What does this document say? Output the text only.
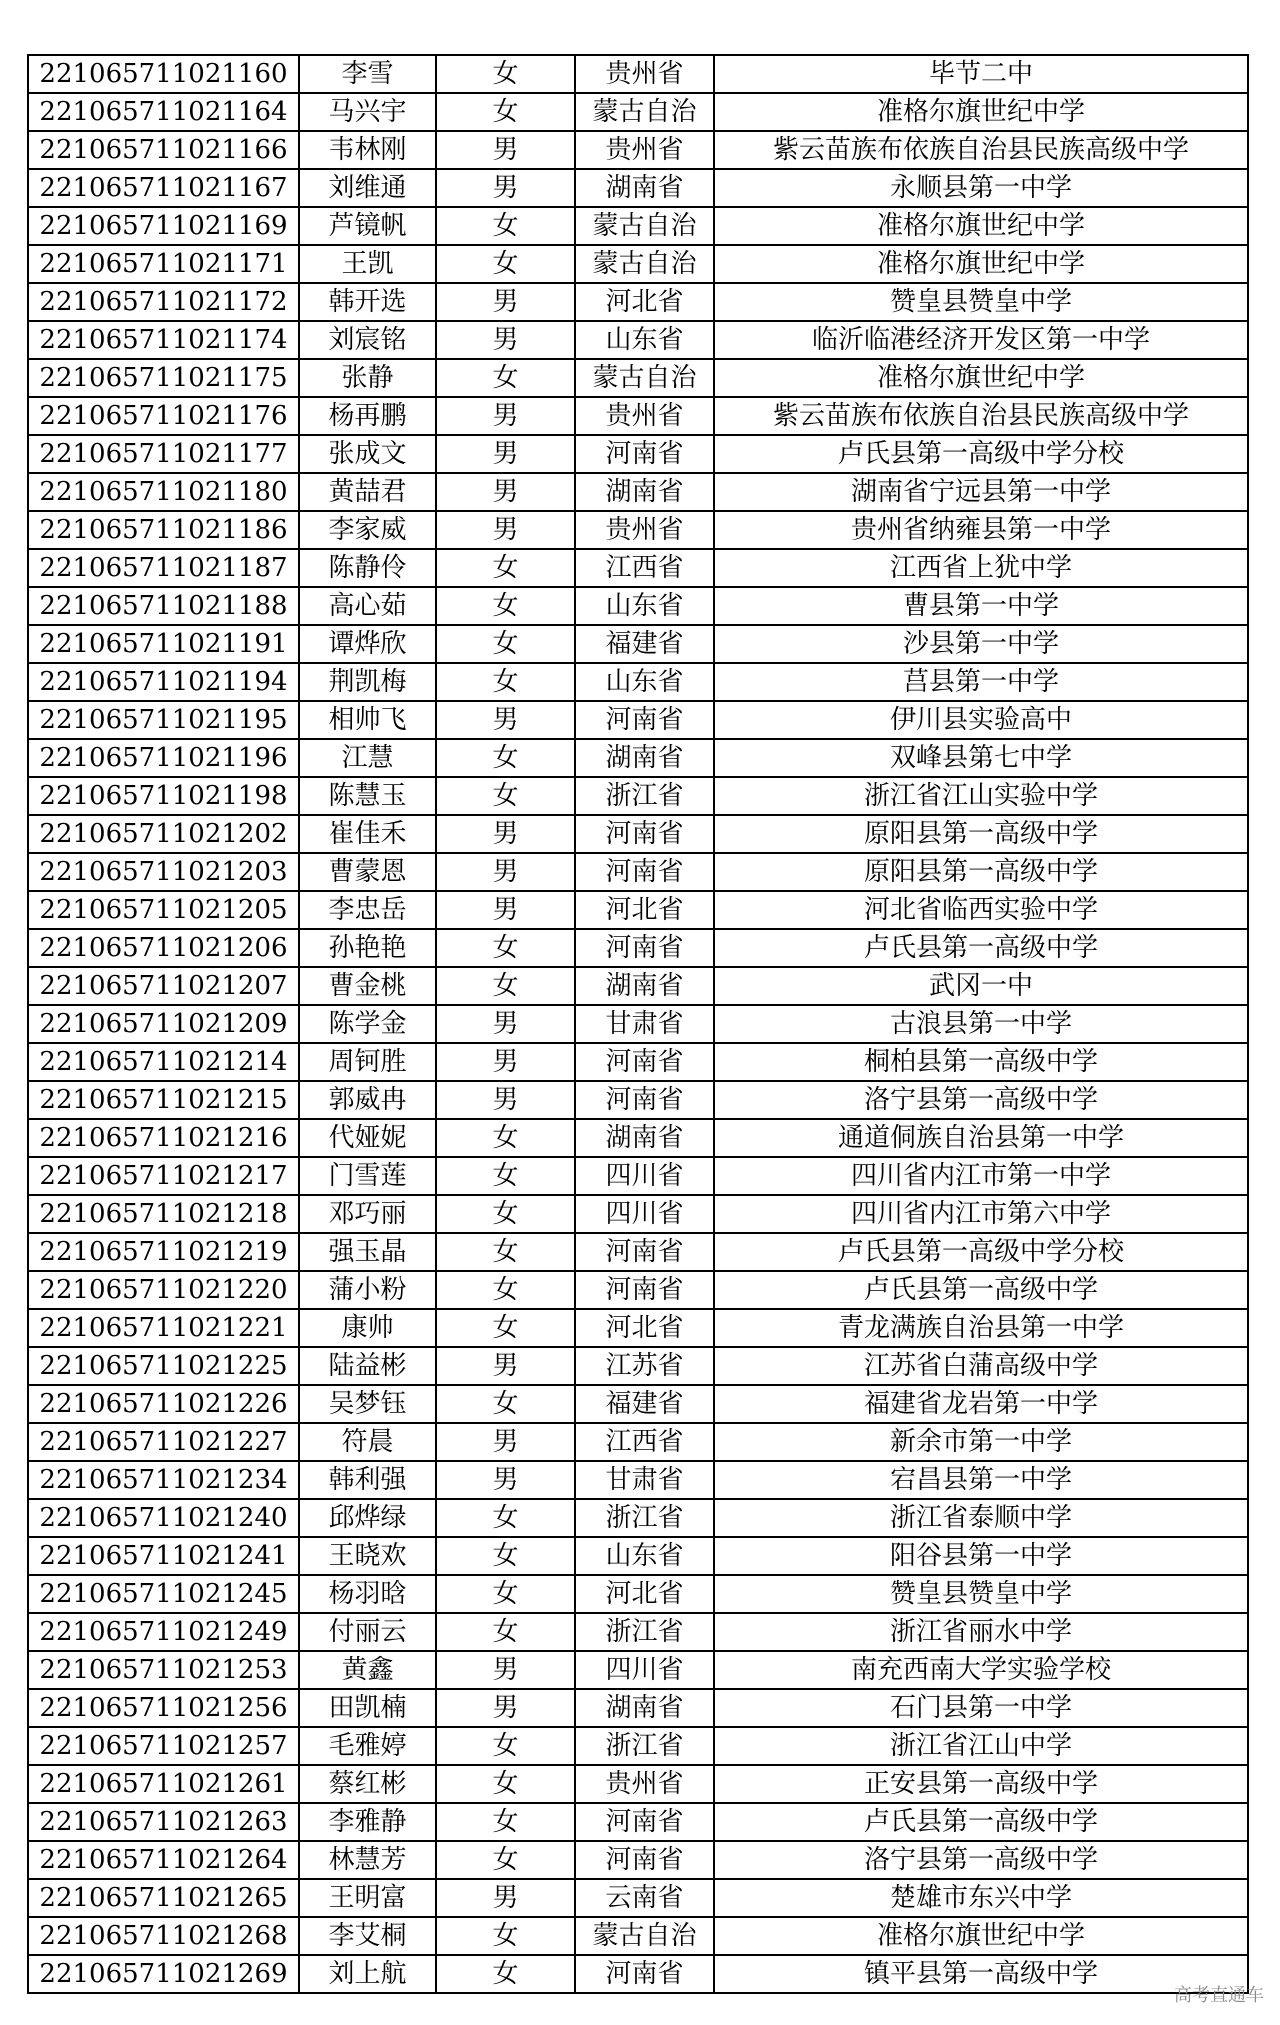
221065711021160	李雪	女	贵州省	毕节二中
221065711021164	马兴宇	女	蒙古自治	准格尔旗世纪中学
221065711021166	韦林刚	男	贵州省	紫云苗族布依族自治县民族高级中学
221065711021167	刘维通	男	湖南省	永顺县第一中学
221065711021169	芦镜帆	女	蒙古自治	准格尔旗世纪中学
221065711021171	王凯	女	蒙古自治	准格尔旗世纪中学
221065711021172	韩开选	男	河北省	赞皇县赞皇中学
221065711021174	刘宸铭	男	山东省	临沂临港经济开发区第一中学
221065711021175	张静	女	蒙古自治	准格尔旗世纪中学
221065711021176	杨再鹏	男	贵州省	紫云苗族布依族自治县民族高级中学
221065711021177	张成文	男	河南省	卢氏县第一高级中学分校
221065711021180	黄喆君	男	湖南省	湖南省宁远县第一中学
221065711021186	李家威	男	贵州省	贵州省纳雍县第一中学
221065711021187	陈静伶	女	江西省	江西省上犹中学
221065711021188	高心茹	女	山东省	曹县第一中学
221065711021191	谭烨欣	女	福建省	沙县第一中学
221065711021194	荆凯梅	女	山东省	莒县第一中学
221065711021195	相帅飞	男	河南省	伊川县实验高中
221065711021196	江慧	女	湖南省	双峰县第七中学
221065711021198	陈慧玉	女	浙江省	浙江省江山实验中学
221065711021202	崔佳禾	男	河南省	原阳县第一高级中学
221065711021203	曹蒙恩	男	河南省	原阳县第一高级中学
221065711021205	李忠岳	男	河北省	河北省临西实验中学
221065711021206	孙艳艳	女	河南省	卢氏县第一高级中学
221065711021207	曹金桃	女	湖南省	武冈一中
221065711021209	陈学金	男	甘肃省	古浪县第一中学
221065711021214	周钶胜	男	河南省	桐柏县第一高级中学
221065711021215	郭威冉	男	河南省	洛宁县第一高级中学
221065711021216	代娅妮	女	湖南省	通道侗族自治县第一中学
221065711021217	门雪莲	女	四川省	四川省内江市第一中学
221065711021218	邓巧丽	女	四川省	四川省内江市第六中学
221065711021219	强玉晶	女	河南省	卢氏县第一高级中学分校
221065711021220	蒲小粉	女	河南省	卢氏县第一高级中学
221065711021221	康帅	女	河北省	青龙满族自治县第一中学
221065711021225	陆益彬	男	江苏省	江苏省白蒲高级中学
221065711021226	吴梦钰	女	福建省	福建省龙岩第一中学
221065711021227	符晨	男	江西省	新余市第一中学
221065711021234	韩利强	男	甘肃省	宕昌县第一中学
221065711021240	邱烨绿	女	浙江省	浙江省泰顺中学
221065711021241	王晓欢	女	山东省	阳谷县第一中学
221065711021245	杨羽晗	女	河北省	赞皇县赞皇中学
221065711021249	付丽云	女	浙江省	浙江省丽水中学
221065711021253	黄鑫	男	四川省	南充西南大学实验学校
221065711021256	田凯楠	男	湖南省	石门县第一中学
221065711021257	毛雅婷	女	浙江省	浙江省江山中学
221065711021261	蔡红彬	女	贵州省	正安县第一高级中学
221065711021263	李雅静	女	河南省	卢氏县第一高级中学
221065711021264	林慧芳	女	河南省	洛宁县第一高级中学
221065711021265	王明富	男	云南省	楚雄市东兴中学
221065711021268	李艾桐	女	蒙古自治	准格尔旗世纪中学
221065711021269	刘上航	女	河南省	镇平县第一高级中学
高考直通车
